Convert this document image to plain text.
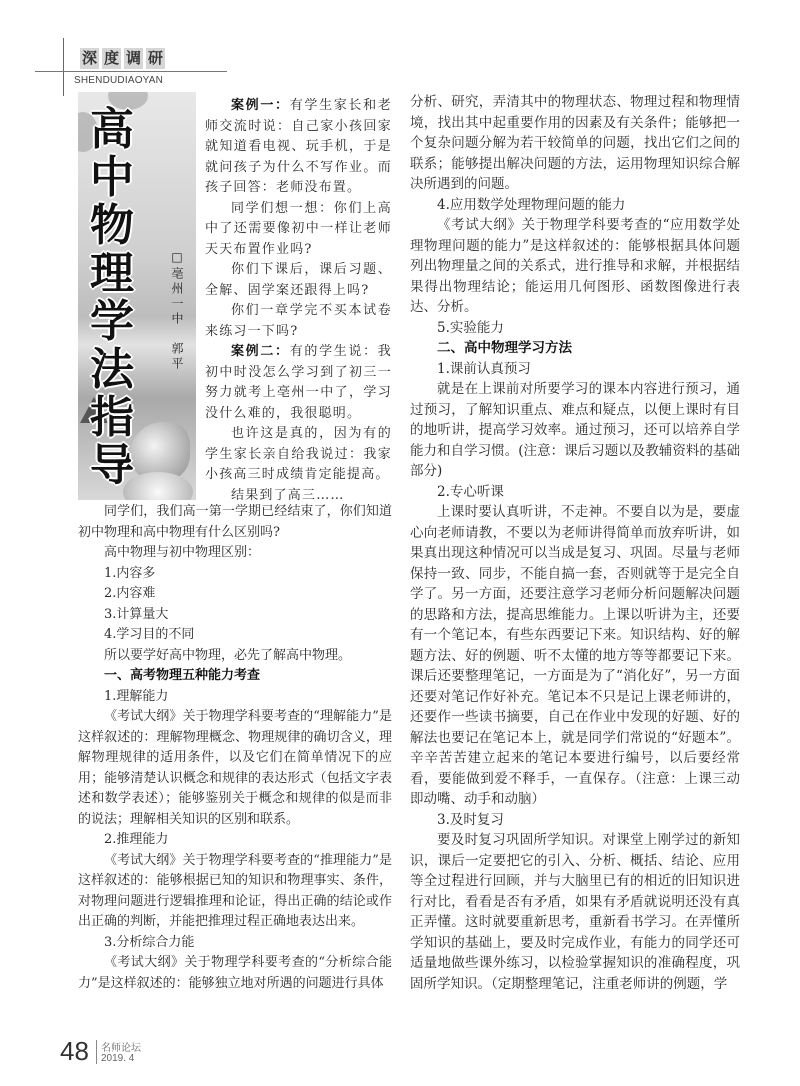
深 度 调 研
SHENDUDIAOYAN
高
中
物
理
学
法
指
导
□亳州一中　郭平

案例一：有学生家长和老师交流时说：自己家小孩回家就知道看电视、玩手机，于是就问孩子为什么不写作业。而孩子回答：老师没布置。

同学们想一想：你们上高中了还需要像初中一样让老师天天布置作业吗?

你们下课后，课后习题、全解、固学案还跟得上吗?

你们一章学完不买本试卷来练习一下吗?

案例二：有的学生说：我初中时没怎么学习到了初三一努力就考上亳州一中了，学习没什么难的，我很聪明。

也许这是真的，因为有的学生家长亲自给我说过：我家小孩高三时成绩肯定能提高。

结果到了高三……

同学们，我们高一第一学期已经结束了，你们知道初中物理和高中物理有什么区别吗?

高中物理与初中物理区别：

1.内容多

2.内容难

3.计算量大

4.学习目的不同

所以要学好高中物理，必先了解高中物理。

一、高考物理五种能力考查

1.理解能力

《考试大纲》关于物理学科要考查的“理解能力”是这样叙述的：理解物理概念、物理规律的确切含义，理解物理规律的适用条件，以及它们在简单情况下的应用；能够清楚认识概念和规律的表达形式（包括文字表述和数学表述）；能够鉴别关于概念和规律的似是而非的说法；理解相关知识的区别和联系。

2.推理能力

《考试大纲》关于物理学科要考查的“推理能力”是这样叙述的：能够根据已知的知识和物理事实、条件，对物理问题进行逻辑推理和论证，得出正确的结论或作出正确的判断，并能把推理过程正确地表达出来。

3.分析综合力能

《考试大纲》关于物理学科要考查的“分析综合能力”是这样叙述的：能够独立地对所遇的问题进行具体

分析、研究，弄清其中的物理状态、物理过程和物理情境，找出其中起重要作用的因素及有关条件；能够把一个复杂问题分解为若干较简单的问题，找出它们之间的联系；能够提出解决问题的方法，运用物理知识综合解决所遇到的问题。

4.应用数学处理物理问题的能力

《考试大纲》关于物理学科要考查的“应用数学处理物理问题的能力”是这样叙述的：能够根据具体问题列出物理量之间的关系式，进行推导和求解，并根据结果得出物理结论；能运用几何图形、函数图像进行表达、分析。

5.实验能力

二、高中物理学习方法

1.课前认真预习

就是在上课前对所要学习的课本内容进行预习，通过预习，了解知识重点、难点和疑点，以便上课时有目的地听讲，提高学习效率。通过预习，还可以培养自学能力和自学习惯。(注意：课后习题以及教辅资料的基础部分)

2.专心听课

上课时要认真听讲，不走神。不要自以为是，要虚心向老师请教，不要以为老师讲得简单而放弃听讲，如果真出现这种情况可以当成是复习、巩固。尽量与老师保持一致、同步，不能自搞一套，否则就等于是完全自学了。另一方面，还要注意学习老师分析问题解决问题的思路和方法，提高思维能力。上课以听讲为主，还要有一个笔记本，有些东西要记下来。知识结构、好的解题方法、好的例题、听不太懂的地方等等都要记下来。课后还要整理笔记，一方面是为了“消化好”，另一方面还要对笔记作好补充。笔记本不只是记上课老师讲的，还要作一些读书摘要，自己在作业中发现的好题、好的解法也要记在笔记本上，就是同学们常说的“好题本”。辛辛苦苦建立起来的笔记本要进行编号，以后要经常看，要能做到爱不释手，一直保存。（注意：上课三动即动嘴、动手和动脑）

3.及时复习

要及时复习巩固所学知识。对课堂上刚学过的新知识，课后一定要把它的引入、分析、概括、结论、应用等全过程进行回顾，并与大脑里已有的相近的旧知识进行对比，看看是否有矛盾，如果有矛盾就说明还没有真正弄懂。这时就要重新思考，重新看书学习。在弄懂所学知识的基础上，要及时完成作业，有能力的同学还可适量地做些课外练习，以检验掌握知识的准确程度，巩固所学知识。（定期整理笔记，注重老师讲的例题，学

48 名师论坛
2019. 4
